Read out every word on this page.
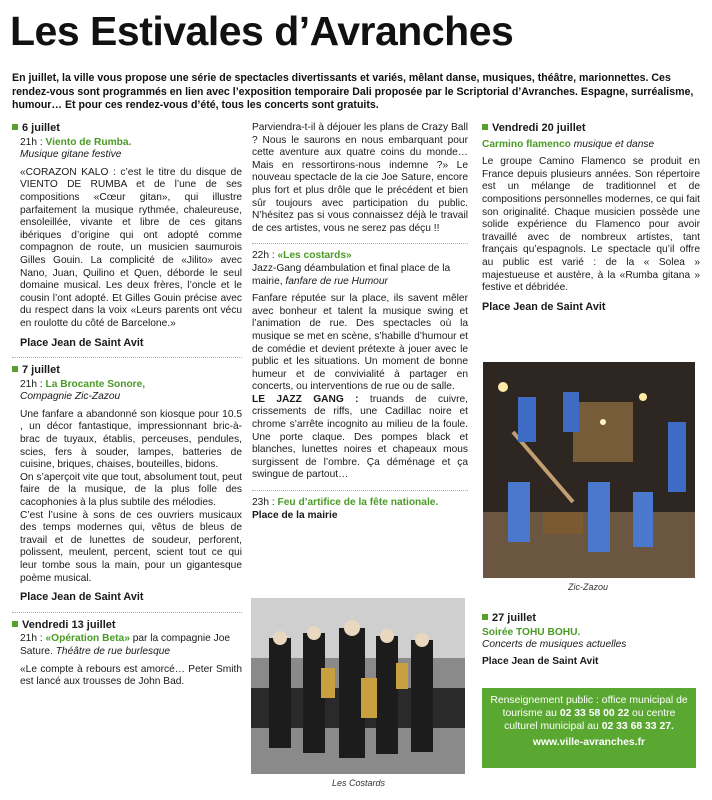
Les Estivales d’Avranches
En juillet, la ville vous propose une série de spectacles divertissants et variés, mêlant danse, musiques, théâtre, marionnettes. Ces rendez-vous sont programmés en lien avec l’exposition temporaire Dali proposée par le Scriptorial d’Avranches. Espagne, surréalisme, humour… Et pour ces rendez-vous d’été, tous les concerts sont gratuits.
6 juillet
21h : Viento de Rumba.
Musique gitane festive
«CORAZON KALO : c’est le titre du disque de VIENTO DE RUMBA et de l’une de ses compositions «Cœur gitan», qui illustre parfaitement la musique rythmée, chaleureuse, ensoleillée, vivante et libre de ces gitans ibériques d’origine qui ont adopté comme compagnon de route, un musicien saumurois Gilles Gouin. La complicité de «Jilito» avec Nano, Juan, Quilino et Quen, déborde le seul domaine musical. Les deux frères, l’oncle et le cousin l’ont adopté. Et Gilles Gouin précise avec du respect dans la voix «Leurs parents ont vécu en roulotte du côté de Barcelone.»
Place Jean de Saint Avit
7 juillet
21h : La Brocante Sonore,
Compagnie Zic-Zazou
Une fanfare a abandonné son kiosque pour 10.5 , un décor fantastique, impressionnant bric-à-brac de tuyaux, établis, perceuses, pendules, scies, fers à souder, lampes, batteries de cuisine, briques, chaises, bouteilles, bidons.
On s’aperçoit vite que tout, absolument tout, peut faire de la musique, de la plus folle des cacophonies à la plus subtile des mélodies.
C’est l’usine à sons de ces ouvriers musicaux des temps modernes qui, vêtus de bleus de travail et de lunettes de soudeur, perforent, polissent, meulent, percent, scient tout ce qui leur tombe sous la main, pour un gigantesque poème musical.
Place Jean de Saint Avit
Vendredi 13 juillet
21h : «Opération Beta» par la compagnie Joe Sature. Théâtre de rue burlesque
«Le compte à rebours est amorcé… Peter Smith est lancé aux trousses de John Bad.
Parviendra-t-il à déjouer les plans de Crazy Ball ? Nous le saurons en nous embarquant pour cette aventure aux quatre coins du monde… Mais en ressortirons-nous indemne ?» Le nouveau spectacle de la cie Joe Sature, encore plus fort et plus drôle que le précédent et bien sûr toujours avec participation du public. N’hésitez pas si vous connaissez déjà le travail de ces artistes, vous ne serez pas déçu !!
22h : «Les costards»
Jazz-Gang déambulation et final place de la mairie, fanfare de rue Humour
Fanfare réputée sur la place, ils savent mêler avec bonheur et talent la musique swing et l’animation de rue. Des spectacles où la musique se met en scène, s’habille d’humour et de comédie et devient prétexte à jouer avec le public et les situations. Un moment de bonne humeur et de convivialité à partager en concerts, ou interventions de rue ou de salle.
LE JAZZ GANG : truands de cuivre, crissements de riffs, une Cadillac noire et chrome s’arrête incognito au milieu de la foule. Une porte claque. Des pompes black et blanches, lunettes noires et chapeaux mous surgissent de l’ombre. Ça déménage et ça swingue de partout…
23h : Feu d’artifice de la fête nationale.
Place de la mairie
Vendredi 20 juillet
Carmino flamenco musique et danse
Le groupe Camino Flamenco se produit en France depuis plusieurs années. Son répertoire est un mélange de traditionnel et de compositions personnelles modernes, ce qui fait son originalité. Chaque musicien possède une solide expérience du Flamenco pour avoir travaillé avec de nombreux artistes, tant français qu’espagnols. Le spectacle qu’il offre au public est varié : de la « Solea » majestueuse et austère, à la «Rumba gitana » festive et débridée.
Place Jean de Saint Avit
Zic-Zazou
27 juillet
Soirée TOHU BOHU.
Concerts de musiques actuelles
Place Jean de Saint Avit
Les Costards
Renseignement public : office municipal de tourisme au 02 33 58 00 22 ou centre culturel municipal au 02 33 68 33 27.
www.ville-avranches.fr
